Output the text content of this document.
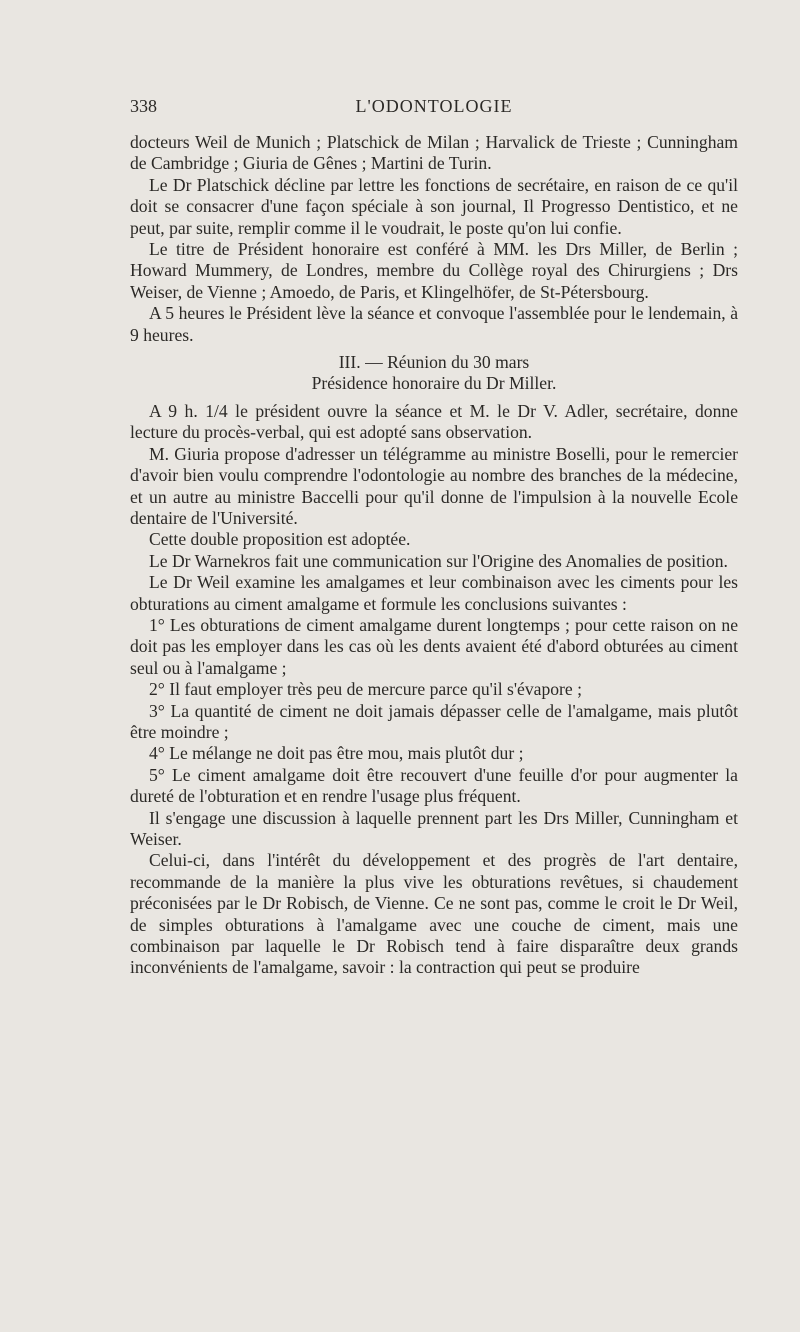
338	L'ODONTOLOGIE

docteurs Weil de Munich ; Platschick de Milan ; Harvalick de Trieste ; Cunningham de Cambridge ; Giuria de Gênes ; Martini de Turin.

Le Dr Platschick décline par lettre les fonctions de secrétaire, en raison de ce qu'il doit se consacrer d'une façon spéciale à son journal, Il Progresso Dentistico, et ne peut, par suite, remplir comme il le voudrait, le poste qu'on lui confie.

Le titre de Président honoraire est conféré à MM. les Drs Miller, de Berlin ; Howard Mummery, de Londres, membre du Collège royal des Chirurgiens ; Drs Weiser, de Vienne ; Amoedo, de Paris, et Klingelhöfer, de St-Pétersbourg.

A 5 heures le Président lève la séance et convoque l'assemblée pour le lendemain, à 9 heures.

III. — Réunion du 30 mars

Présidence honoraire du Dr Miller.

A 9 h. 1/4 le président ouvre la séance et M. le Dr V. Adler, secrétaire, donne lecture du procès-verbal, qui est adopté sans observation.

M. Giuria propose d'adresser un télégramme au ministre Boselli, pour le remercier d'avoir bien voulu comprendre l'odontologie au nombre des branches de la médecine, et un autre au ministre Baccelli pour qu'il donne de l'impulsion à la nouvelle Ecole dentaire de l'Université.

Cette double proposition est adoptée.

Le Dr Warnekros fait une communication sur l'Origine des Anomalies de position.

Le Dr Weil examine les amalgames et leur combinaison avec les ciments pour les obturations au ciment amalgame et formule les conclusions suivantes :

1° Les obturations de ciment amalgame durent longtemps ; pour cette raison on ne doit pas les employer dans les cas où les dents avaient été d'abord obturées au ciment seul ou à l'amalgame ;

2° Il faut employer très peu de mercure parce qu'il s'évapore ;

3° La quantité de ciment ne doit jamais dépasser celle de l'amalgame, mais plutôt être moindre ;

4° Le mélange ne doit pas être mou, mais plutôt dur ;

5° Le ciment amalgame doit être recouvert d'une feuille d'or pour augmenter la dureté de l'obturation et en rendre l'usage plus fréquent.

Il s'engage une discussion à laquelle prennent part les Drs Miller, Cunningham et Weiser.

Celui-ci, dans l'intérêt du développement et des progrès de l'art dentaire, recommande de la manière la plus vive les obturations revêtues, si chaudement préconisées par le Dr Robisch, de Vienne. Ce ne sont pas, comme le croit le Dr Weil, de simples obturations à l'amalgame avec une couche de ciment, mais une combinaison par laquelle le Dr Robisch tend à faire disparaître deux grands inconvénients de l'amalgame, savoir : la contraction qui peut se produire
